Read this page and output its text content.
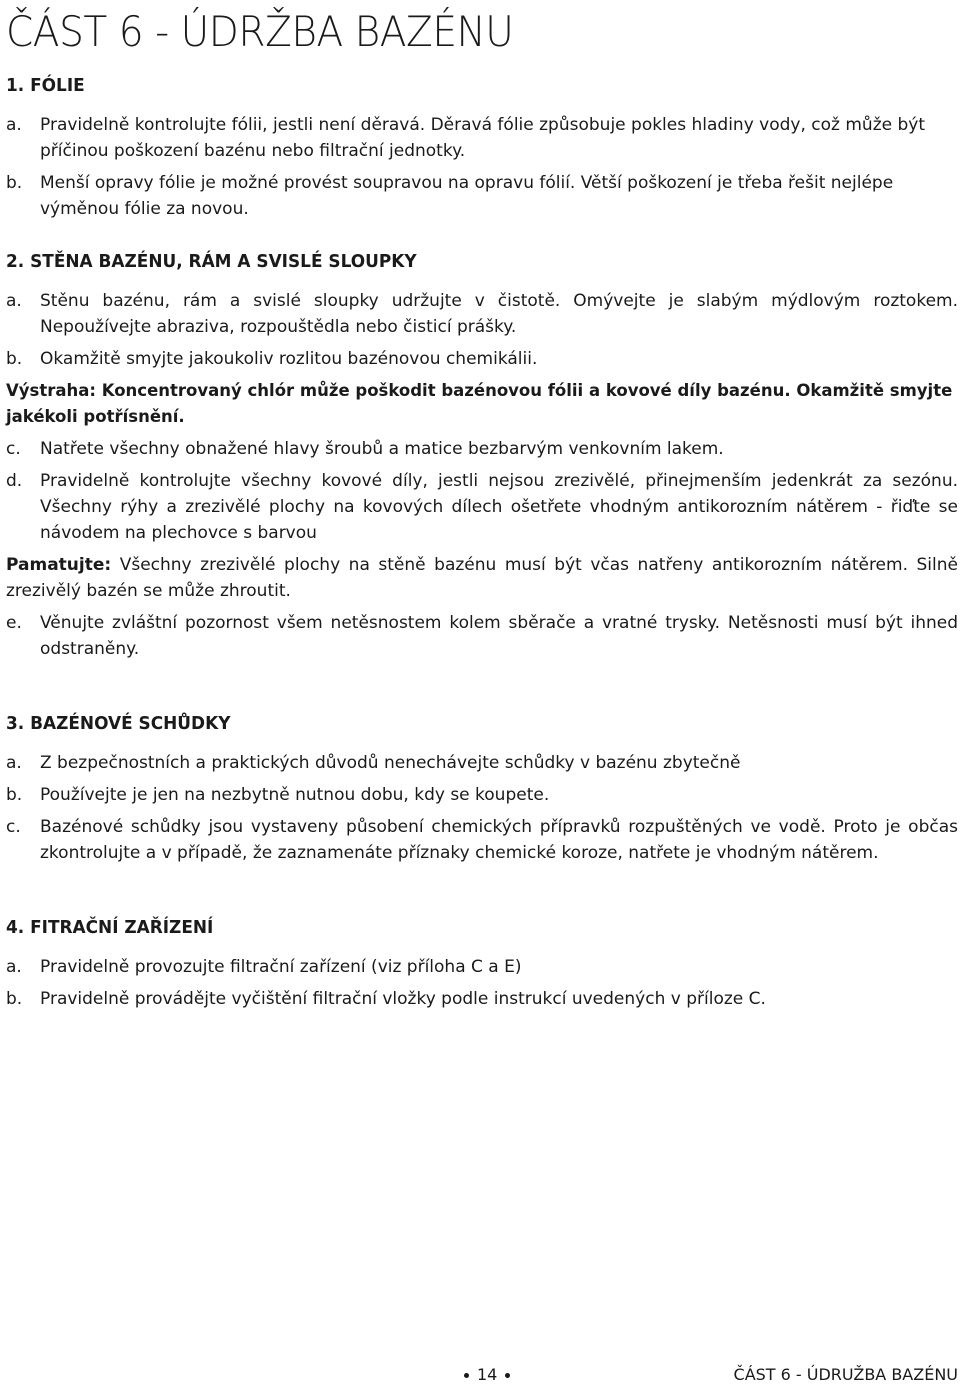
ČÁST 6 - ÚDRŽBA BAZÉNU
1. FÓLIE
a.	Pravidelně kontrolujte fólii, jestli není děravá. Děravá fólie způsobuje pokles hladiny vody, což může být příčinou poškození bazénu nebo filtrační jednotky.
b.	Menší opravy fólie je možné provést soupravou na opravu fólií. Větší poškození je třeba řešit nejlépe výměnou fólie za novou.
2. STĚNA BAZÉNU, RÁM A SVISLÉ SLOUPKY
a.	Stěnu bazénu, rám a svislé sloupky udržujte v čistotě. Omývejte je slabým mýdlovým roztokem. Nepoužívejte abraziva, rozpouštědla nebo čisticí prášky.
b.	Okamžitě smyjte jakoukoliv rozlitou bazénovou chemikálii.

Výstraha: Koncentrovaný chlór může poškodit bazénovou fólii a kovové díly bazénu. Okamžitě smyjte jakékoli potřísnění.

c.	Natřete všechny obnažené hlavy šroubů a matice bezbarvým venkovním lakem.
d.	Pravidelně kontrolujte všechny kovové díly, jestli nejsou zrezivělé, přinejmenším jedenkrát za sezónu. Všechny rýhy a zrezivělé plochy na kovových dílech ošetřete vhodným antikorozním nátěrem - řiďte se návodem na plechovce s barvou

Pamatujte: Všechny zrezivělé plochy na stěně bazénu musí být včas natřeny antikorozním nátěrem. Silně zrezivělý bazén se může zhroutit.

e.	Věnujte zvláštní pozornost všem netěsnostem kolem sběrače a vratné trysky. Netěsnosti musí být ihned odstraněny.
3. BAZÉNOVÉ SCHŮDKY
a.	Z bezpečnostních a praktických důvodů nenechávejte schůdky v bazénu zbytečně
b.	Používejte je jen na nezbytně nutnou dobu, kdy se koupete.
c.	Bazénové schůdky jsou vystaveny působení chemických přípravků rozpuštěných ve vodě. Proto je občas zkontrolujte a v případě, že zaznamenáte příznaky chemické koroze, natřete je vhodným nátěrem.
4. FITRAČNÍ ZAŘÍZENÍ
a.	Pravidelně provozujte filtrační zařízení (viz příloha C a E)
b.	Pravidelně provádějte vyčištění filtrační vložky podle instrukcí uvedených v příloze C.
14	ČÁST 6 - ÚDRUŽBA BAZÉNU
